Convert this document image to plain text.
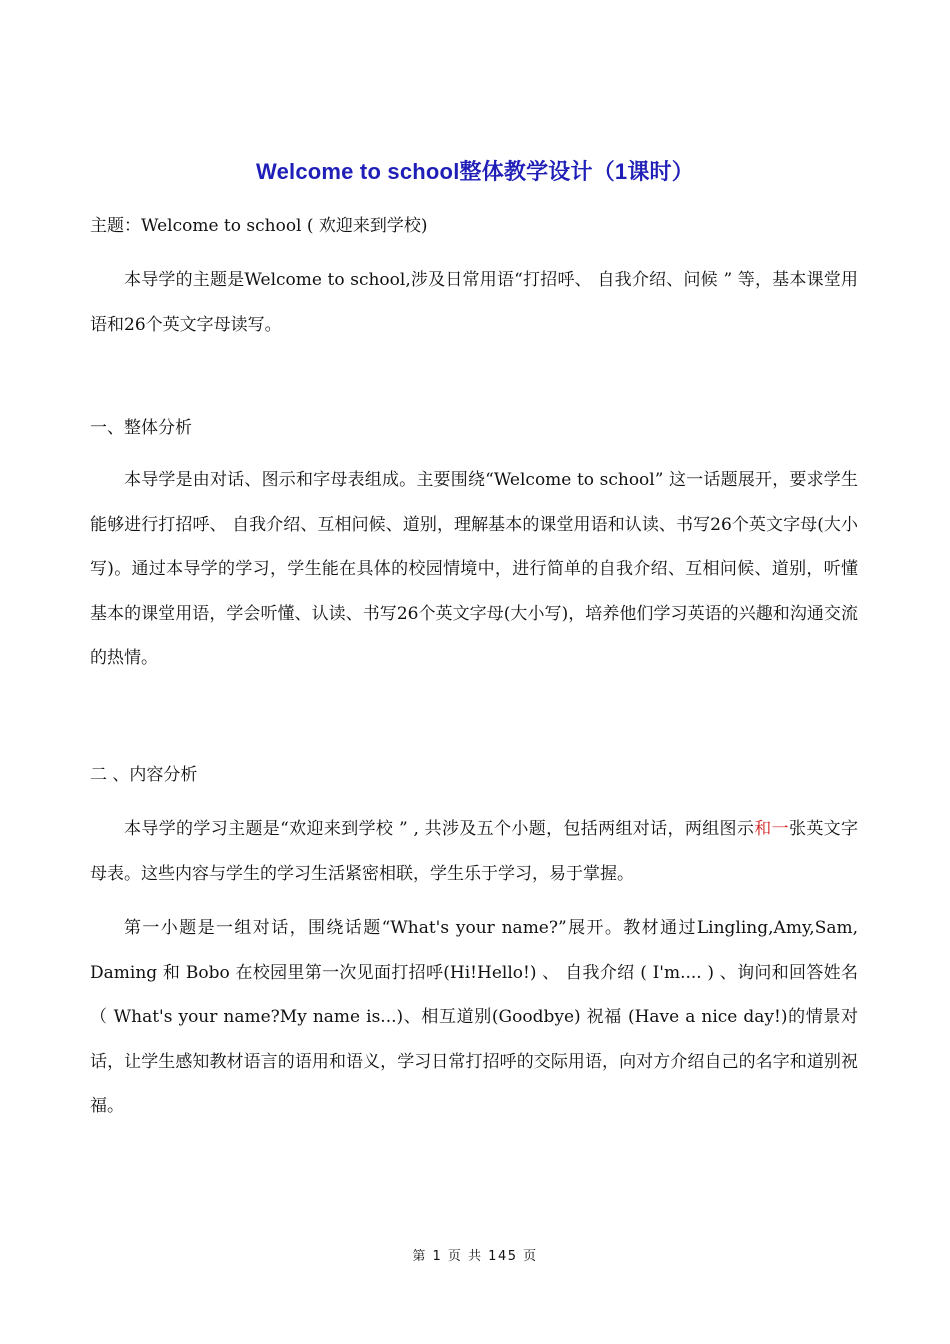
Welcome to school整体教学设计（1课时）
主题：Welcome to school ( 欢迎来到学校)
本导学的主题是Welcome to school,涉及日常用语“打招呼、 自我介绍、问候 ” 等，基本课堂用语和26个英文字母读写。
一、整体分析
本导学是由对话、图示和字母表组成。主要围绕“Welcome to school” 这一话题展开，要求学生能够进行打招呼、 自我介绍、互相问候、道别，理解基本的课堂用语和认读、书写26个英文字母(大小写)。通过本导学的学习，学生能在具体的校园情境中，进行简单的自我介绍、互相问候、道别，听懂基本的课堂用语，学会听懂、认读、书写26个英文字母(大小写)，培养他们学习英语的兴趣和沟通交流的热情。
二 、内容分析
本导学的学习主题是“欢迎来到学校 ” , 共涉及五个小题，包括两组对话，两组图示和一张英文字母表。这些内容与学生的学习生活紧密相联，学生乐于学习，易于掌握。
第一小题是一组对话，围绕话题“What's your name?”展开。教材通过Lingling,Amy,Sam, Daming 和 Bobo 在校园里第一次见面打招呼(Hi!Hello!) 、 自我介绍 ( I'm.... ) 、询问和回答姓名 （ What's your name?My name is...)、相互道别(Goodbye) 祝福 (Have a nice day!)的情景对话，让学生感知教材语言的语用和语义，学习日常打招呼的交际用语，向对方介绍自己的名字和道别祝福。
第 1 页 共 145 页
